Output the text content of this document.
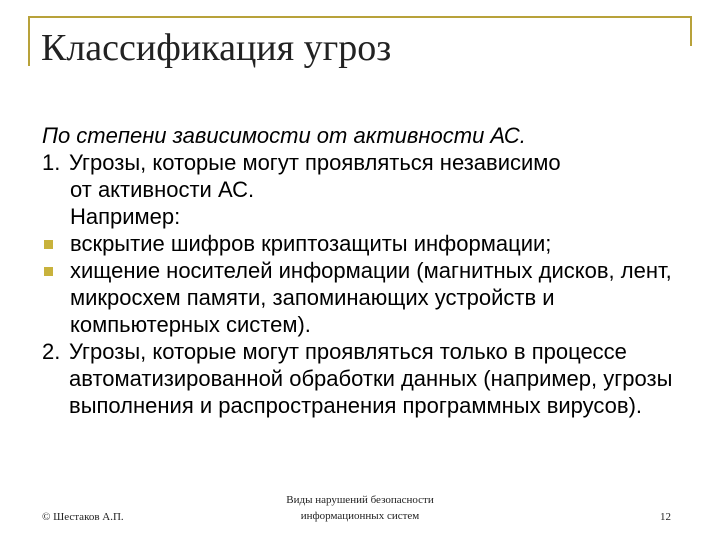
Классификация угроз
По степени зависимости от активности АС.
1. Угрозы, которые могут проявляться независимо
от активности АС.
Например:
вскрытие шифров криптозащиты информации;
хищение носителей информации (магнитных дисков, лент, микросхем памяти, запоминающих устройств и компьютерных систем).
2. Угрозы, которые могут проявляться только в процессе автоматизированной обработки данных (например, угрозы выполнения и распространения программных вирусов).
© Шестаков А.П.
Виды нарушений безопасности
информационных систем	12
